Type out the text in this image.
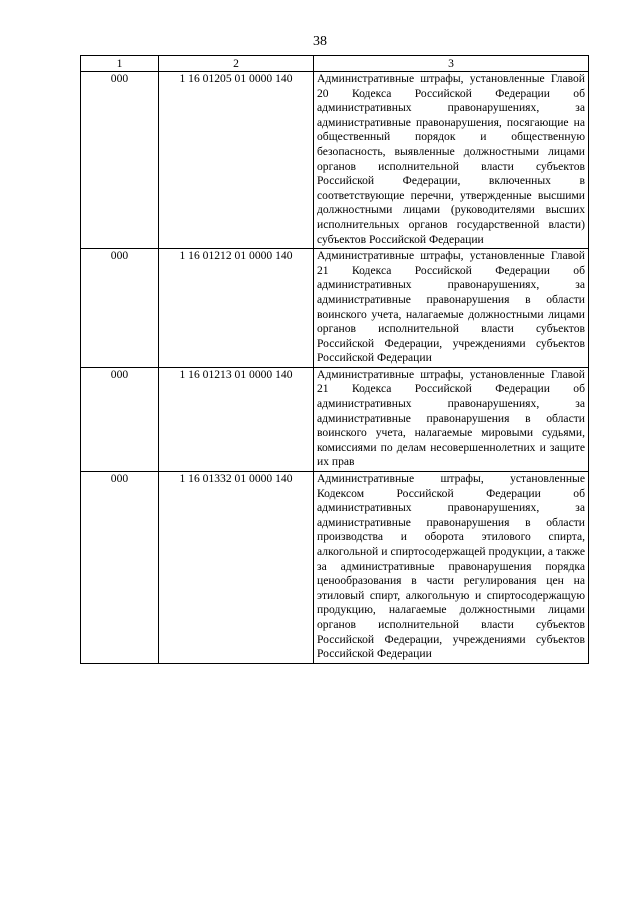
38
1	2	3
000	1 16 01205 01 0000 140	Административные штрафы, установленные Главой 20 Кодекса Российской Федерации об административных правонарушениях, за административные правонарушения, посягающие на общественный порядок и общественную безопасность, выявленные должностными лицами органов исполнительной власти субъектов Российской Федерации, включенных в соответствующие перечни, утвержденные высшими должностными лицами (руководителями высших исполнительных органов государственной власти) субъектов Российской Федерации
000	1 16 01212 01 0000 140	Административные штрафы, установленные Главой 21 Кодекса Российской Федерации об административных правонарушениях, за административные правонарушения в области воинского учета, налагаемые должностными лицами органов исполнительной власти субъектов Российской Федерации, учреждениями субъектов Российской Федерации
000	1 16 01213 01 0000 140	Административные штрафы, установленные Главой 21 Кодекса Российской Федерации об административных правонарушениях, за административные правонарушения в области воинского учета, налагаемые мировыми судьями, комиссиями по делам несовершеннолетних и защите их прав
000	1 16 01332 01 0000 140	Административные штрафы, установленные Кодексом Российской Федерации об административных правонарушениях, за административные правонарушения в области производства и оборота этилового спирта, алкогольной и спиртосодержащей продукции, а также за административные правонарушения порядка ценообразования в части регулирования цен на этиловый спирт, алкогольную и спиртосодержащую продукцию, налагаемые должностными лицами органов исполнительной власти субъектов Российской Федерации, учреждениями субъектов Российской Федерации
